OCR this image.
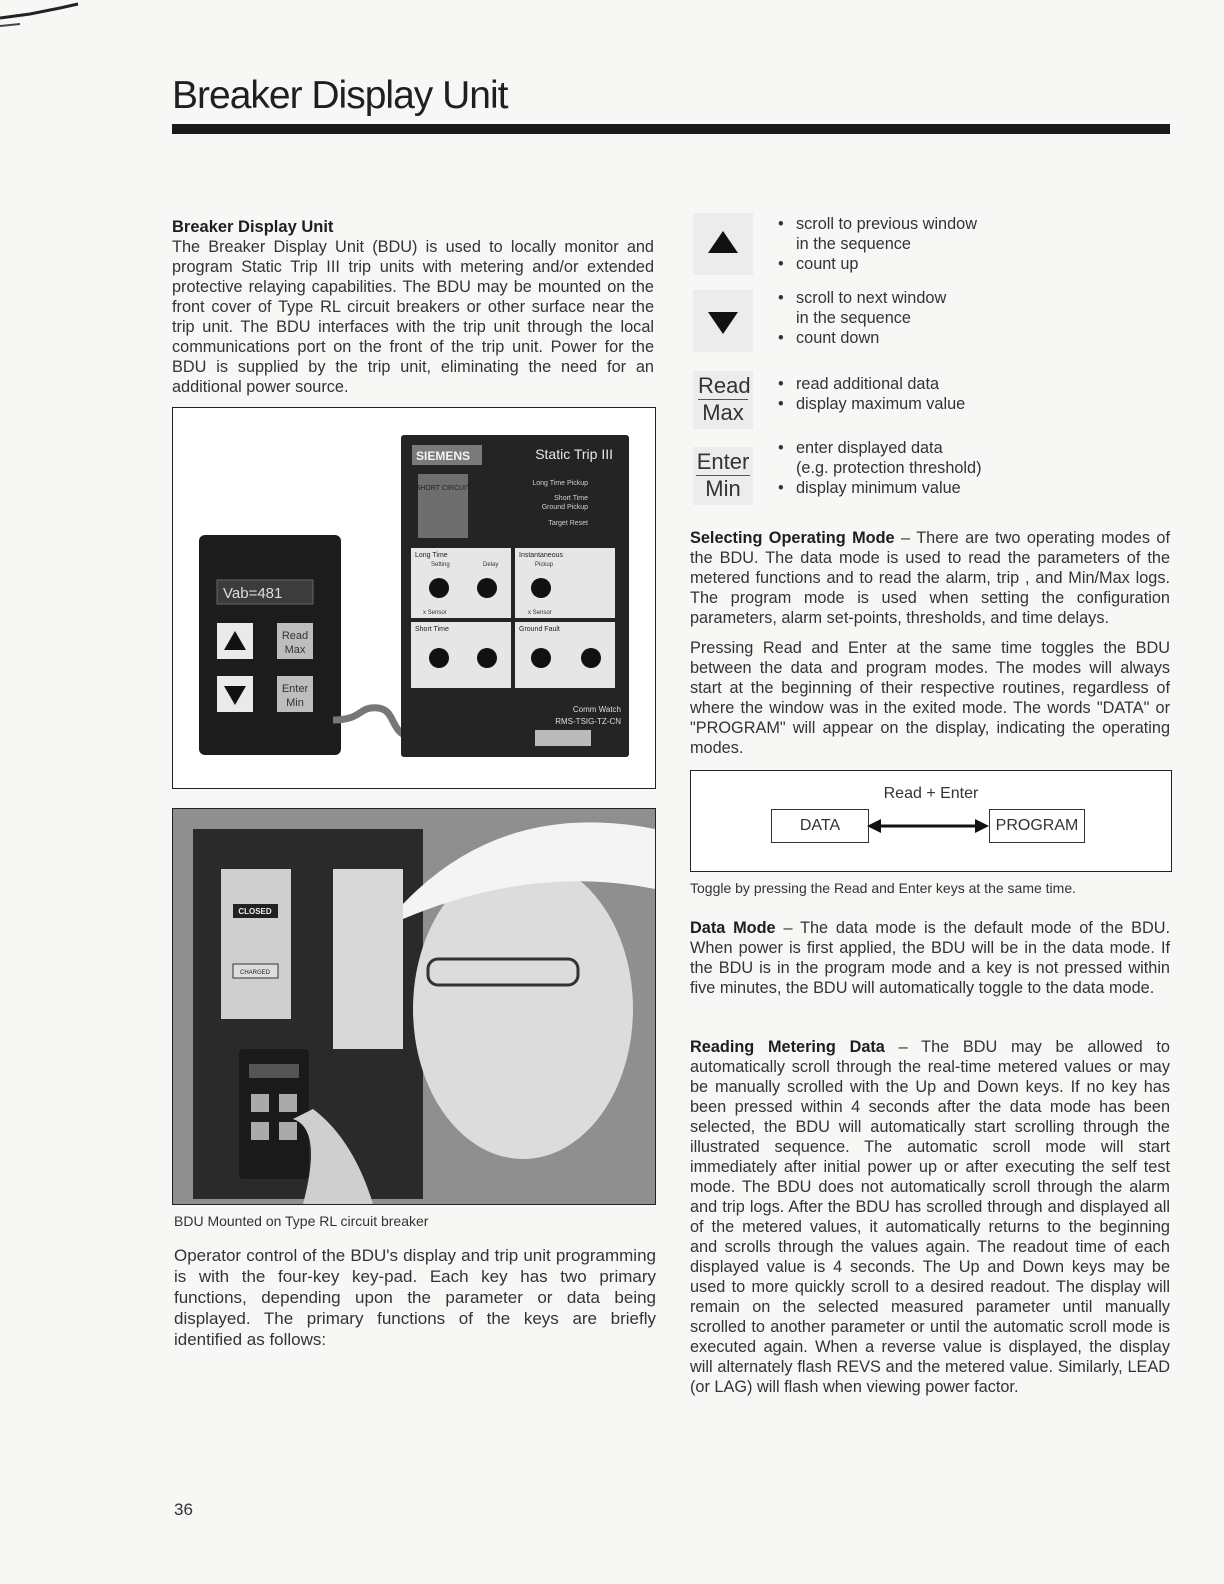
Breaker Display Unit
Breaker Display Unit
The Breaker Display Unit (BDU) is used to locally monitor and program Static Trip III trip units with metering and/or extended protective relaying capabilities. The BDU may be mounted on the front cover of Type RL circuit breakers or other surface near the trip unit. The BDU interfaces with the trip unit through the local communications port on the front of the trip unit. Power for the BDU is supplied by the trip unit, eliminating the need for an additional power source.
Vab=481
Read
Max
Enter
Min
SIEMENS	Static Trip III
SHORT CIRCUIT
Long Time Pickup
Short Time
Ground Pickup
Target Reset
Long Time
Setting	Delay
x Sensor
Instantaneous
Pickup
x Sensor
Short Time	Ground Fault
Comm Watch
RMS-TSIG-TZ-CN
CLOSED
CHARGED
BDU Mounted on Type RL circuit breaker
Operator control of the BDU's display and trip unit programming is with the four-key key-pad. Each key has two primary functions, depending upon the parameter or data being displayed. The primary functions of the keys are briefly identified as follows:
36
• scroll to previous window
in the sequence
• count up
• scroll to next window
in the sequence
• count down
Read
Max
• read additional data
• display maximum value
Enter
Min
• enter displayed data
(e.g. protection threshold)
• display minimum value
Selecting Operating Mode – There are two operating modes of the BDU. The data mode is used to read the parameters of the metered functions and to read the alarm, trip , and Min/Max logs. The program mode is used when setting the configuration parameters, alarm set-points, thresholds, and time delays.
Pressing Read and Enter at the same time toggles the BDU between the data and program modes. The modes will always start at the beginning of their respective routines, regardless of where the window was in the exited mode. The words "DATA" or "PROGRAM" will appear on the display, indicating the operating modes.
Read + Enter
DATA	PROGRAM
Toggle by pressing the Read and Enter keys at the same time.
Data Mode – The data mode is the default mode of the BDU. When power is first applied, the BDU will be in the data mode. If the BDU is in the program mode and a key is not pressed within five minutes, the BDU will automatically toggle to the data mode.
Reading Metering Data – The BDU may be allowed to automatically scroll through the real-time metered values or may be manually scrolled with the Up and Down keys. If no key has been pressed within 4 seconds after the data mode has been selected, the BDU will automatically start scrolling through the illustrated sequence. The automatic scroll mode will start immediately after initial power up or after executing the self test mode. The BDU does not automatically scroll through the alarm and trip logs. After the BDU has scrolled through and displayed all of the metered values, it automatically returns to the beginning and scrolls through the values again. The readout time of each displayed value is 4 seconds. The Up and Down keys may be used to more quickly scroll to a desired readout. The display will remain on the selected measured parameter until manually scrolled to another parameter or until the automatic scroll mode is executed again. When a reverse value is displayed, the display will alternately flash REVS and the metered value. Similarly, LEAD (or LAG) will flash when viewing power factor.
